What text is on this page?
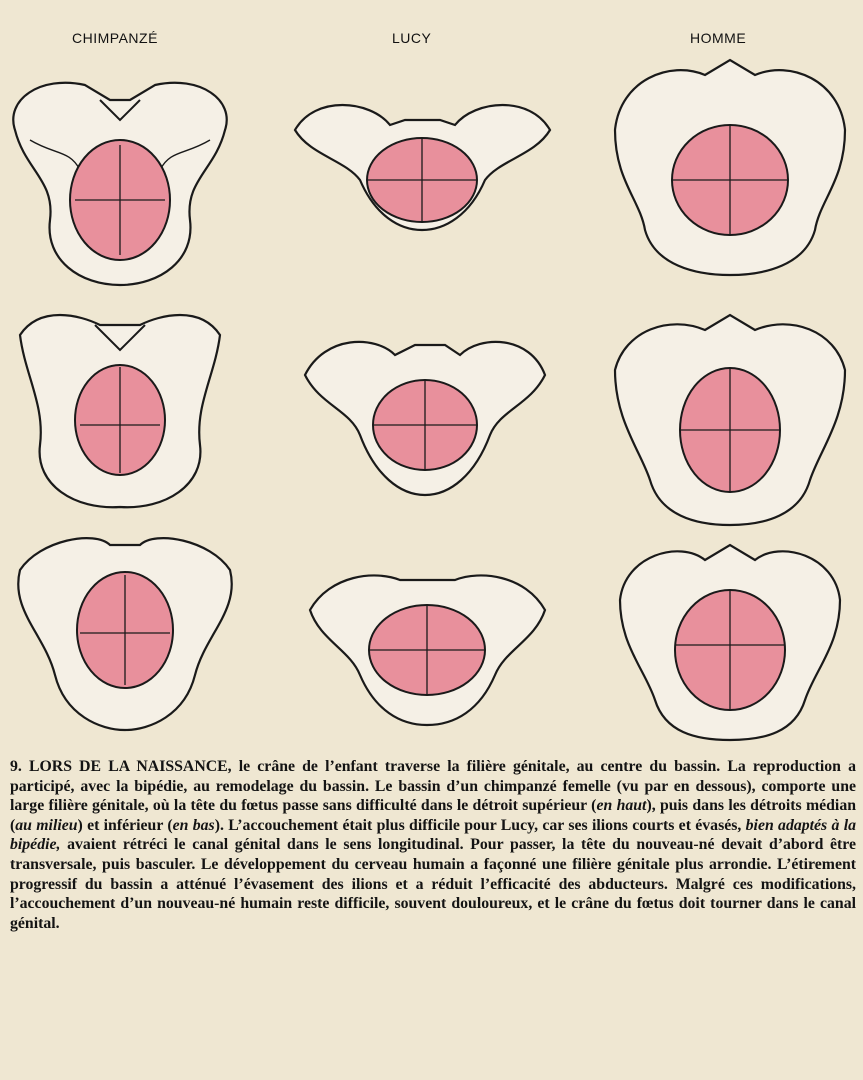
CHIMPANZÉ	LUCY	HOMME
9. LORS DE LA NAISSANCE, le crâne de l’enfant traverse la filière génitale, au centre du bassin. La reproduction a participé, avec la bipédie, au remodelage du bassin. Le bassin d’un chimpanzé femelle (vu par en dessous), comporte une large filière génitale, où la tête du fœtus passe sans difficulté dans le détroit supérieur (en haut), puis dans les détroits médian (au milieu) et inférieur (en bas). L’accouchement était plus difficile pour Lucy, car ses ilions courts et évasés, bien adaptés à la bipédie, avaient rétréci le canal génital dans le sens longitudinal. Pour passer, la tête du nouveau-né devait d’abord être transversale, puis basculer. Le développement du cerveau humain a façonné une filière génitale plus arrondie. L’étirement progressif du bassin a atténué l’évasement des ilions et a réduit l’efficacité des abducteurs. Malgré ces modifications, l’accouchement d’un nouveau-né humain reste difficile, souvent douloureux, et le crâne du fœtus doit tourner dans le canal génital.
